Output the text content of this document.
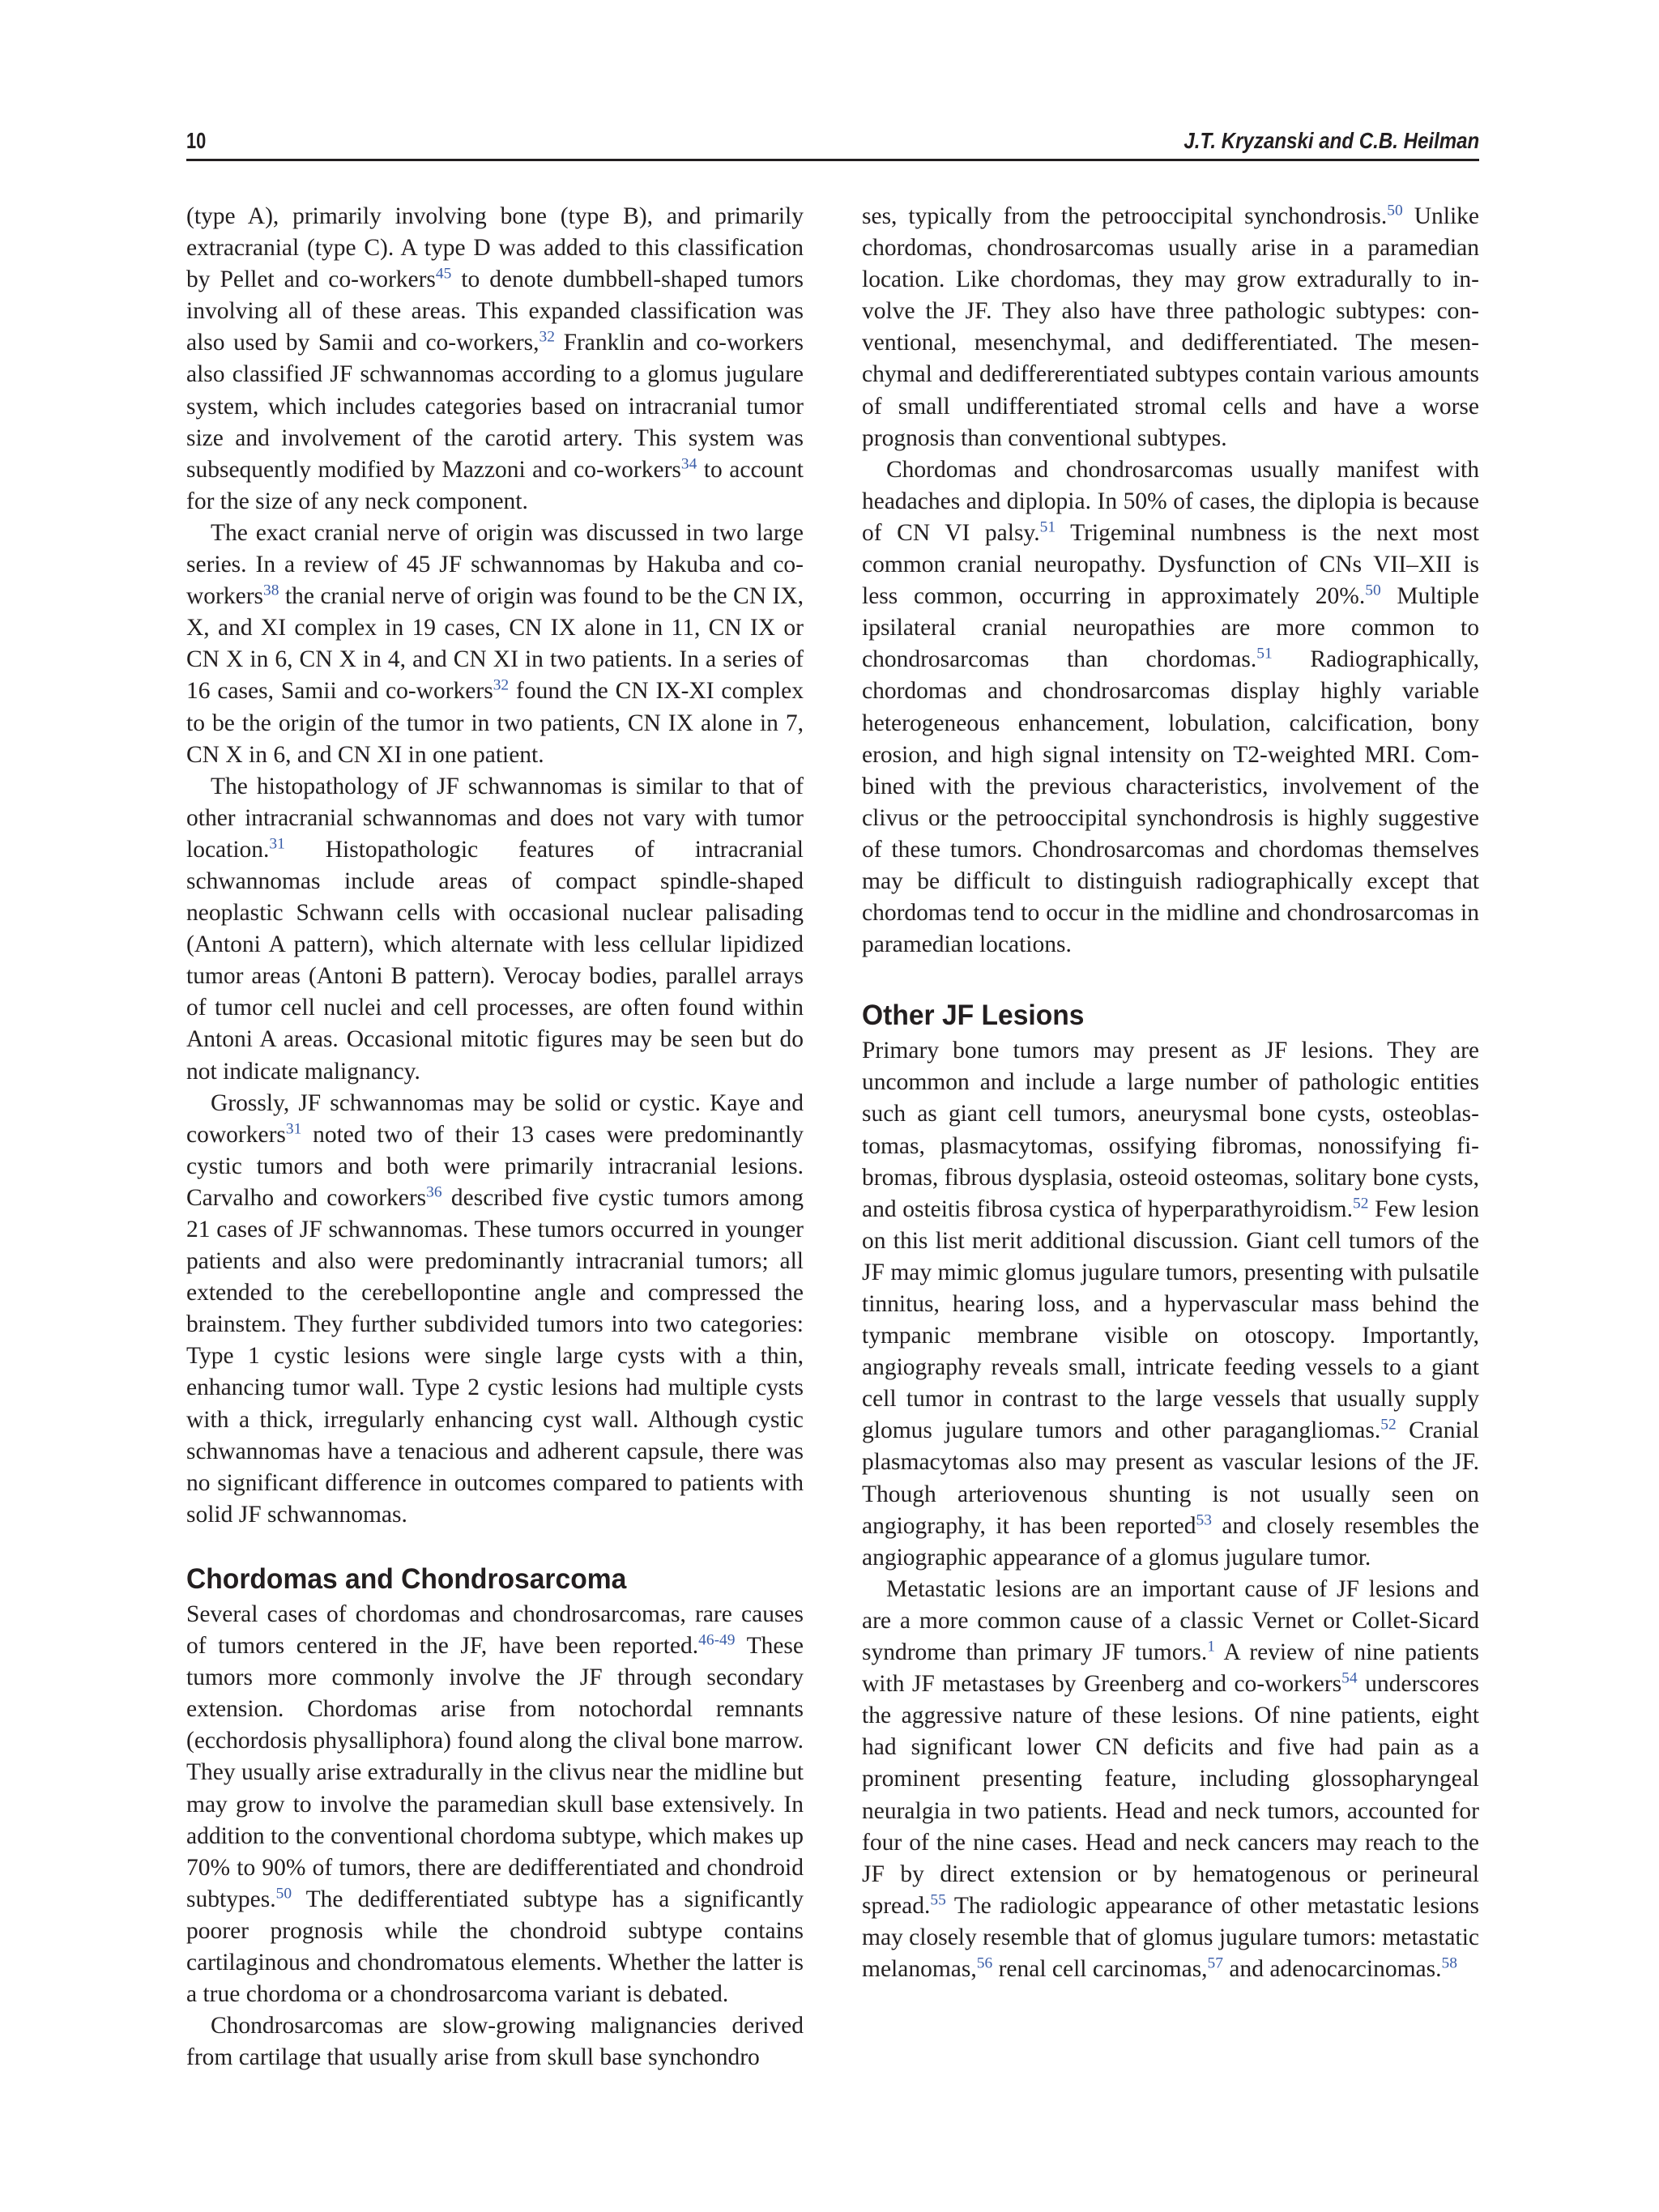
10	J.T. Kryzanski and C.B. Heilman

(type A), primarily involving bone (type B), and primarily extracranial (type C). A type D was added to this classification by Pellet and co-workers$^{45}$ to denote dumbbell-shaped tumors involving all of these areas. This expanded classification was also used by Samii and co-workers,$^{32}$ Franklin and co-workers also classified JF schwannomas according to a glomus jugulare system, which includes categories based on intracranial tumor size and involvement of the carotid artery. This system was subsequently modified by Mazzoni and co-workers$^{34}$ to account for the size of any neck component.

The exact cranial nerve of origin was discussed in two large series. In a review of 45 JF schwannomas by Hakuba and co-workers$^{38}$ the cranial nerve of origin was found to be the CN IX, X, and XI complex in 19 cases, CN IX alone in 11, CN IX or CN X in 6, CN X in 4, and CN XI in two patients. In a series of 16 cases, Samii and co-workers$^{32}$ found the CN IX-XI complex to be the origin of the tumor in two patients, CN IX alone in 7, CN X in 6, and CN XI in one patient.

The histopathology of JF schwannomas is similar to that of other intracranial schwannomas and does not vary with tumor location.$^{31}$ Histopathologic features of intracranial schwannomas include areas of compact spindle-shaped neoplastic Schwann cells with occasional nuclear palisading (Antoni A pattern), which alternate with less cellular lipidized tumor areas (Antoni B pattern). Verocay bodies, parallel arrays of tumor cell nuclei and cell processes, are often found within Antoni A areas. Occasional mitotic figures may be seen but do not indicate malignancy.

Grossly, JF schwannomas may be solid or cystic. Kaye and coworkers$^{31}$ noted two of their 13 cases were predominantly cystic tumors and both were primarily intracranial lesions. Carvalho and coworkers$^{36}$ described five cystic tumors among 21 cases of JF schwannomas. These tumors occurred in younger patients and also were predominantly intracranial tumors; all extended to the cerebellopontine angle and compressed the brainstem. They further subdivided tumors into two categories: Type 1 cystic lesions were single large cysts with a thin, enhancing tumor wall. Type 2 cystic lesions had multiple cysts with a thick, irregularly enhancing cyst wall. Although cystic schwannomas have a tenacious and adherent capsule, there was no significant difference in outcomes compared to patients with solid JF schwannomas.

Chordomas and Chondrosarcoma

Several cases of chordomas and chondrosarcomas, rare causes of tumors centered in the JF, have been reported.$^{46-49}$ These tumors more commonly involve the JF through secondary extension. Chordomas arise from notochordal remnants (ecchordosis physalliphora) found along the clival bone marrow. They usually arise extradurally in the clivus near the midline but may grow to involve the paramedian skull base extensively. In addition to the conventional chordoma subtype, which makes up 70% to 90% of tumors, there are dedifferentiated and chondroid subtypes.$^{50}$ The dedifferentiated subtype has a significantly poorer prognosis while the chondroid subtype contains cartilaginous and chondromatous elements. Whether the latter is a true chordoma or a chondrosarcoma variant is debated.

Chondrosarcomas are slow-growing malignancies derived from cartilage that usually arise from skull base synchondro

ses, typically from the petrooccipital synchondrosis.$^{50}$ Unlike chordomas, chondrosarcomas usually arise in a paramedian location. Like chordomas, they may grow extradurally to involve the JF. They also have three pathologic subtypes: conventional, mesenchymal, and dedifferentiated. The mesenchymal and dediffererentiated subtypes contain various amounts of small undifferentiated stromal cells and have a worse prognosis than conventional subtypes.

Chordomas and chondrosarcomas usually manifest with headaches and diplopia. In 50% of cases, the diplopia is because of CN VI palsy.$^{51}$ Trigeminal numbness is the next most common cranial neuropathy. Dysfunction of CNs VII–XII is less common, occurring in approximately 20%.$^{50}$ Multiple ipsilateral cranial neuropathies are more common to chondrosarcomas than chordomas.$^{51}$ Radiographically, chordomas and chondrosarcomas display highly variable heterogeneous enhancement, lobulation, calcification, bony erosion, and high signal intensity on T2-weighted MRI. Combined with the previous characteristics, involvement of the clivus or the petrooccipital synchondrosis is highly suggestive of these tumors. Chondrosarcomas and chordomas themselves may be difficult to distinguish radiographically except that chordomas tend to occur in the midline and chondrosarcomas in paramedian locations.

Other JF Lesions

Primary bone tumors may present as JF lesions. They are uncommon and include a large number of pathologic entities such as giant cell tumors, aneurysmal bone cysts, osteoblastomas, plasmacytomas, ossifying fibromas, nonossifying fibromas, fibrous dysplasia, osteoid osteomas, solitary bone cysts, and osteitis fibrosa cystica of hyperparathyroidism.$^{52}$ Few lesion on this list merit additional discussion. Giant cell tumors of the JF may mimic glomus jugulare tumors, presenting with pulsatile tinnitus, hearing loss, and a hypervascular mass behind the tympanic membrane visible on otoscopy. Importantly, angiography reveals small, intricate feeding vessels to a giant cell tumor in contrast to the large vessels that usually supply glomus jugulare tumors and other paragangliomas.$^{52}$ Cranial plasmacytomas also may present as vascular lesions of the JF. Though arteriovenous shunting is not usually seen on angiography, it has been reported$^{53}$ and closely resembles the angiographic appearance of a glomus jugulare tumor.

Metastatic lesions are an important cause of JF lesions and are a more common cause of a classic Vernet or Collet-Sicard syndrome than primary JF tumors.$^1$ A review of nine patients with JF metastases by Greenberg and co-workers$^{54}$ underscores the aggressive nature of these lesions. Of nine patients, eight had significant lower CN deficits and five had pain as a prominent presenting feature, including glossopharyngeal neuralgia in two patients. Head and neck tumors, accounted for four of the nine cases. Head and neck cancers may reach to the JF by direct extension or by hematogenous or perineural spread.$^{55}$ The radiologic appearance of other metastatic lesions may closely resemble that of glomus jugulare tumors: metastatic melanomas,$^{56}$ renal cell carcinomas,$^{57}$ and adenocarcinomas.$^{58}$
